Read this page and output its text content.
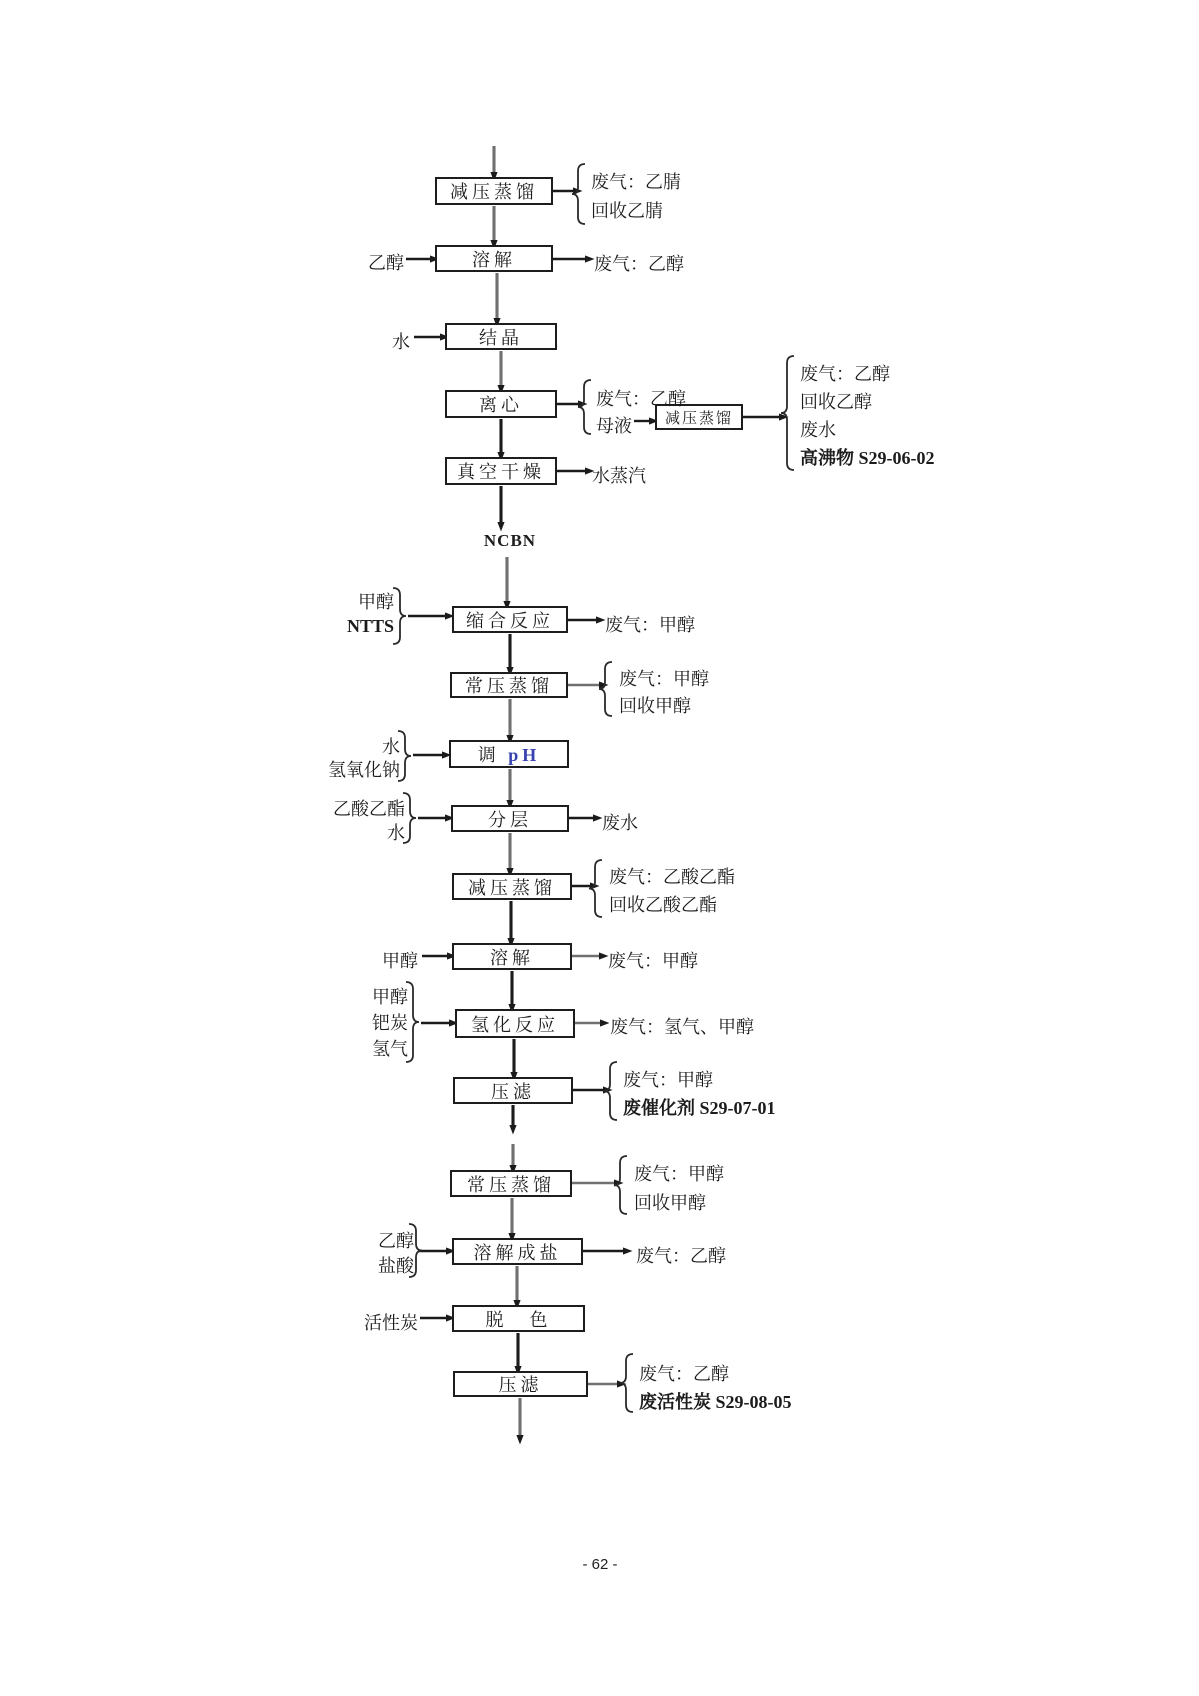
减压蒸馏
溶解
结晶
离心
减压蒸馏
真空干燥
缩合反应
常压蒸馏
调 pH
分层
减压蒸馏
溶解
氢化反应
压滤
常压蒸馏
溶解成盐
脱　色
压滤
NCBN
乙醇
水
甲醇
NTTS
水
氢氧化钠
乙酸乙酯
水
甲醇
甲醇
钯炭
氢气
乙醇
盐酸
活性炭
废气：乙腈
回收乙腈
废气：乙醇
废气：乙醇
母液
废气：乙醇
回收乙醇
废水
高沸物 S29-06-02
水蒸汽
废气：甲醇
废气：甲醇
回收甲醇
废水
废气：乙酸乙酯
回收乙酸乙酯
废气：甲醇
废气：氢气、甲醇
废气：甲醇
废催化剂 S29-07-01
废气：甲醇
回收甲醇
废气：乙醇
废气：乙醇
废活性炭 S29-08-05
- 62 -
